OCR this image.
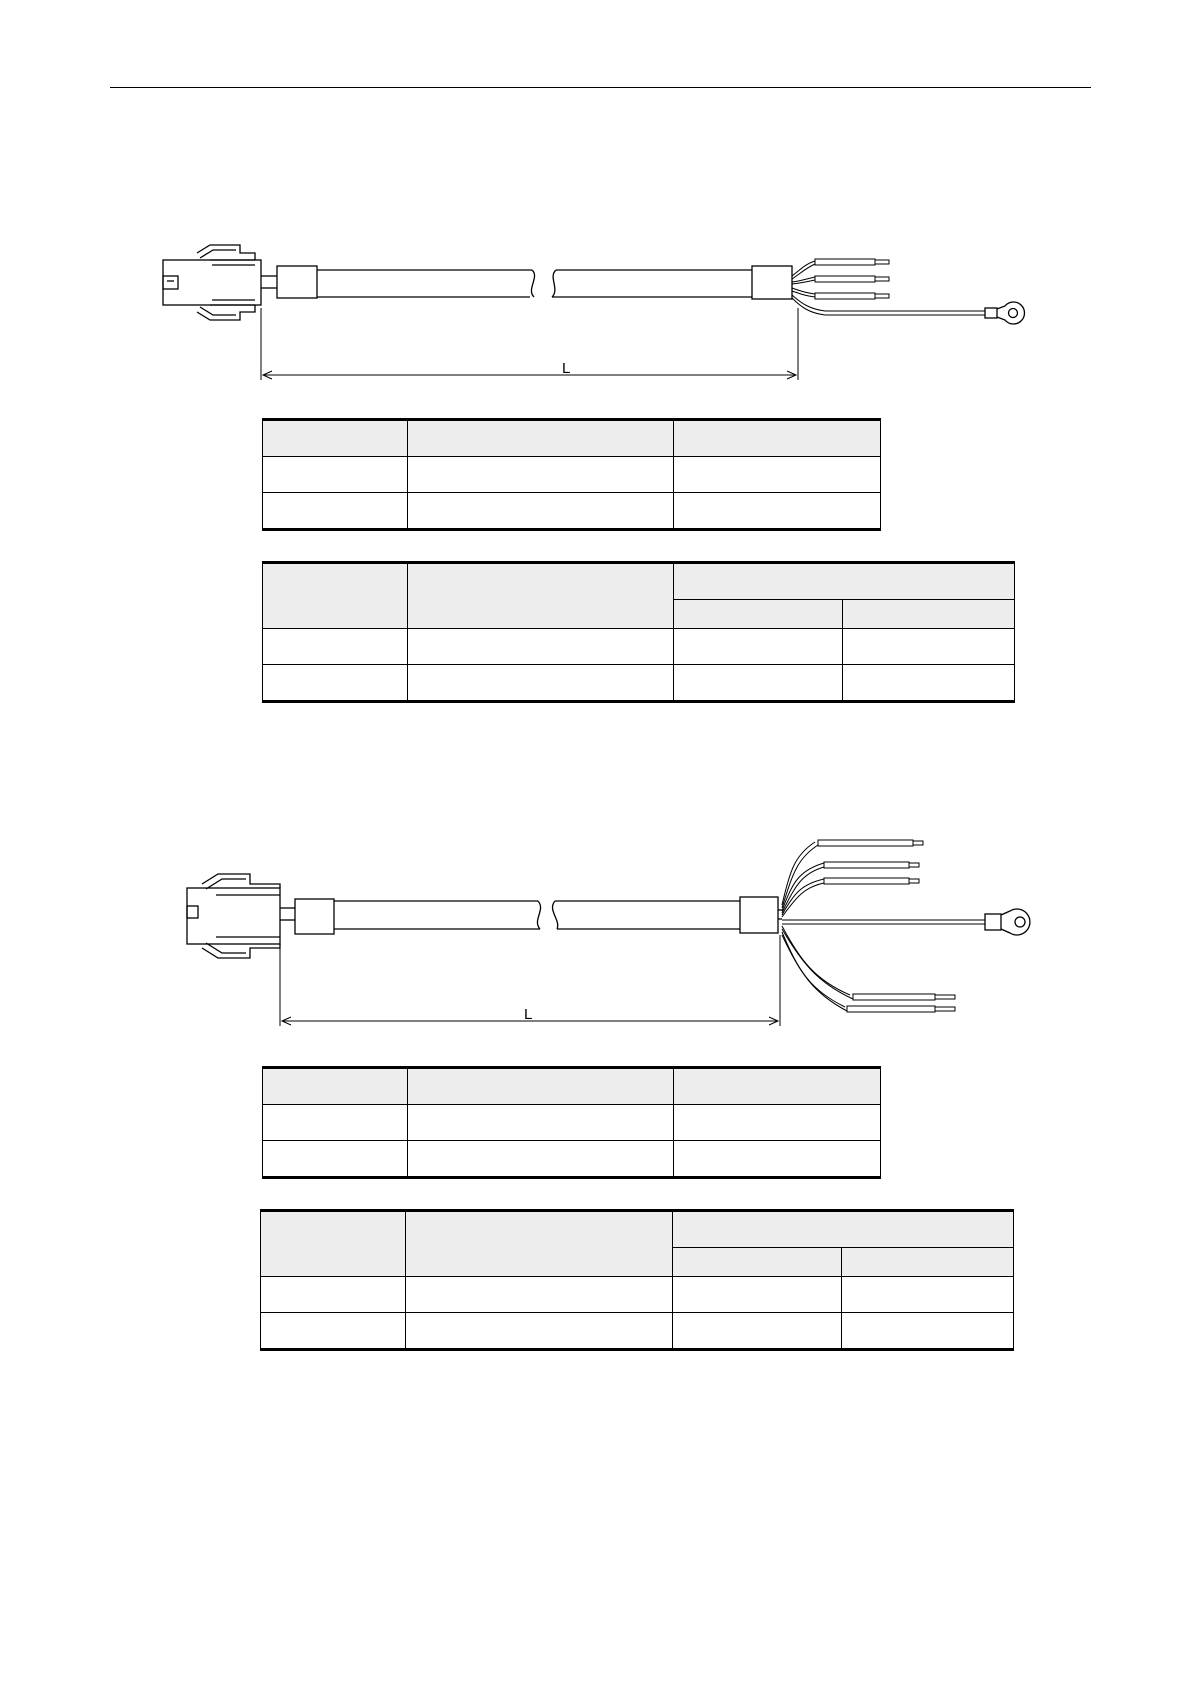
L

L
